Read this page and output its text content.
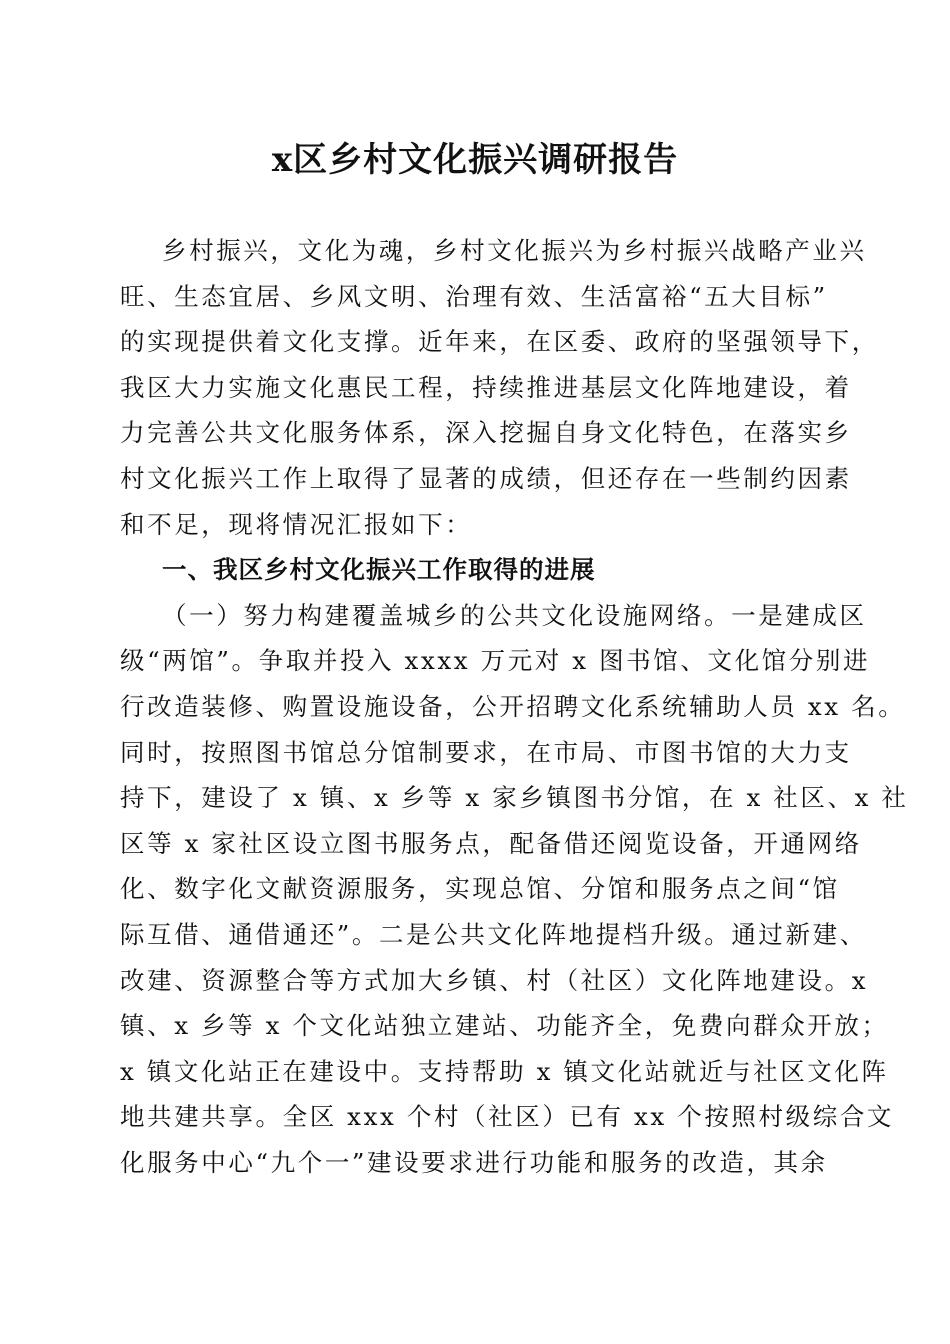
x区乡村文化振兴调研报告
乡村振兴，文化为魂，乡村文化振兴为乡村振兴战略产业兴
旺、生态宜居、乡风文明、治理有效、生活富裕“五大目标”
的实现提供着文化支撑。近年来，在区委、政府的坚强领导下，
我区大力实施文化惠民工程，持续推进基层文化阵地建设，着
力完善公共文化服务体系，深入挖掘自身文化特色，在落实乡
村文化振兴工作上取得了显著的成绩，但还存在一些制约因素
和不足，现将情况汇报如下：
一、我区乡村文化振兴工作取得的进展
（一）努力构建覆盖城乡的公共文化设施网络。一是建成区
级“两馆”。争取并投入 xxxx 万元对 x 图书馆、文化馆分别进
行改造装修、购置设施设备，公开招聘文化系统辅助人员 xx 名。
同时，按照图书馆总分馆制要求，在市局、市图书馆的大力支
持下，建设了 x 镇、x 乡等 x 家乡镇图书分馆，在 x 社区、x 社
区等 x 家社区设立图书服务点，配备借还阅览设备，开通网络
化、数字化文献资源服务，实现总馆、分馆和服务点之间“馆
际互借、通借通还”。二是公共文化阵地提档升级。通过新建、
改建、资源整合等方式加大乡镇、村（社区）文化阵地建设。x
镇、x 乡等 x 个文化站独立建站、功能齐全，免费向群众开放；
x 镇文化站正在建设中。支持帮助 x 镇文化站就近与社区文化阵
地共建共享。全区 xxx 个村（社区）已有 xx 个按照村级综合文
化服务中心“九个一”建设要求进行功能和服务的改造，其余
